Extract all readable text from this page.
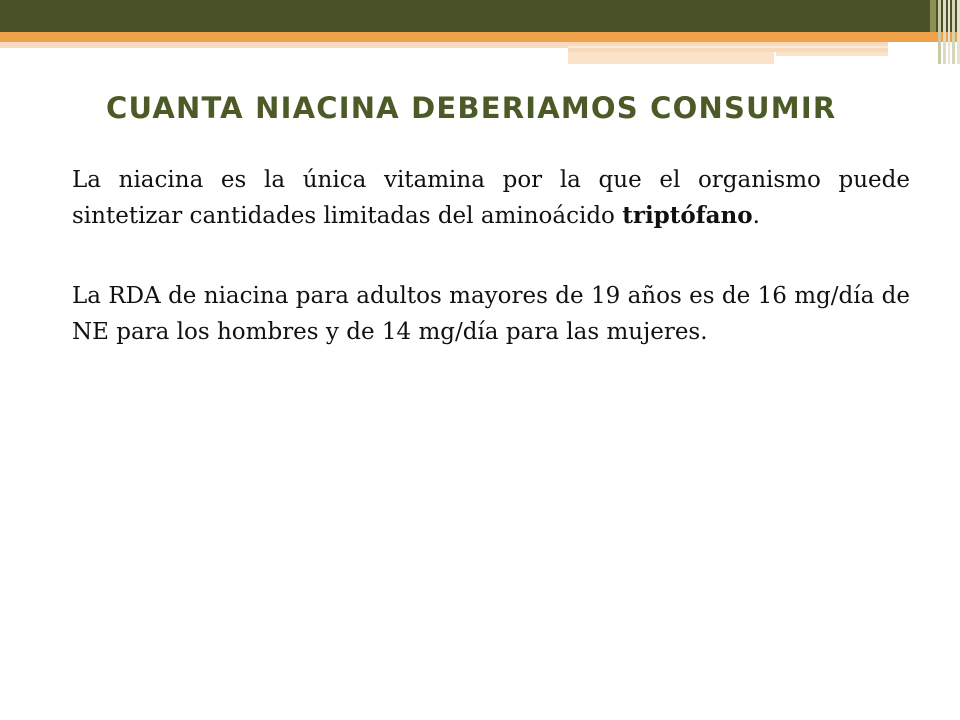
CUANTA NIACINA DEBERIAMOS CONSUMIR

La niacina es la única vitamina por la que el organismo puede sintetizar cantidades limitadas del aminoácido triptófano.

La RDA de niacina para adultos mayores de 19 años es de 16 mg/día de NE para los hombres y de 14 mg/día para las mujeres.
